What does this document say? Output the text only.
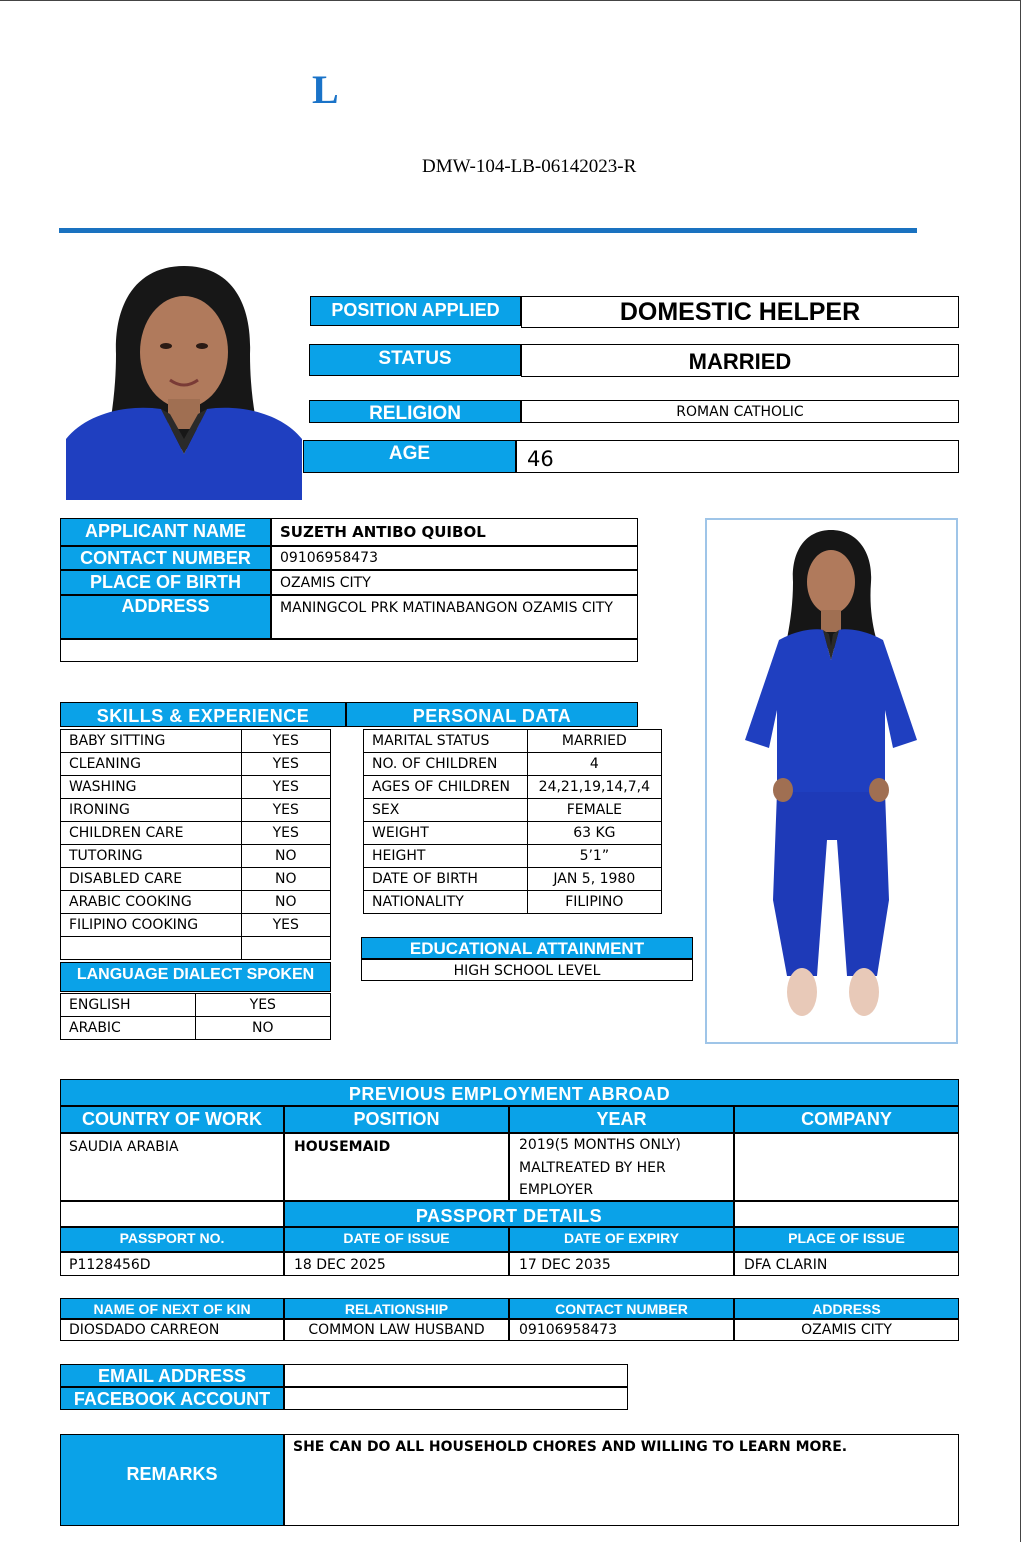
L
DMW-104-LB-06142023-R
POSITION APPLIED	DOMESTIC HELPER
STATUS	MARRIED
RELIGION	ROMAN CATHOLIC
AGE	46
APPLICANT NAME	SUZETH ANTIBO QUIBOL
CONTACT NUMBER	09106958473
PLACE OF BIRTH	OZAMIS CITY
ADDRESS	MANINGCOL PRK MATINABANGON OZAMIS CITY
SKILLS & EXPERIENCE	PERSONAL DATA
BABY SITTING	YES
CLEANING	YES
WASHING	YES
IRONING	YES
CHILDREN CARE	YES
TUTORING	NO
DISABLED CARE	NO
ARABIC COOKING	NO
FILIPINO COOKING	YES

LANGUAGE DIALECT SPOKEN
ENGLISH	YES
ARABIC	NO
MARITAL STATUS	MARRIED
NO. OF CHILDREN	4
AGES OF CHILDREN	24,21,19,14,7,4
SEX	FEMALE
WEIGHT	63 KG
HEIGHT	5’1”
DATE OF BIRTH	JAN 5, 1980
NATIONALITY	FILIPINO
EDUCATIONAL ATTAINMENT
HIGH SCHOOL LEVEL
PREVIOUS EMPLOYMENT ABROAD
COUNTRY OF WORK	POSITION	YEAR	COMPANY
SAUDIA ARABIA	HOUSEMAID	2019(5 MONTHS ONLY)
MALTREATED BY HER
EMPLOYER
PASSPORT DETAILS
PASSPORT NO.	DATE OF ISSUE	DATE OF EXPIRY	PLACE OF ISSUE
P1128456D	18 DEC 2025	17 DEC 2035	DFA CLARIN
NAME OF NEXT OF KIN	RELATIONSHIP	CONTACT NUMBER	ADDRESS
DIOSDADO CARREON	COMMON LAW HUSBAND	09106958473	OZAMIS CITY
EMAIL ADDRESS
FACEBOOK ACCOUNT
REMARKS
SHE CAN DO ALL HOUSEHOLD CHORES AND WILLING TO LEARN MORE.
